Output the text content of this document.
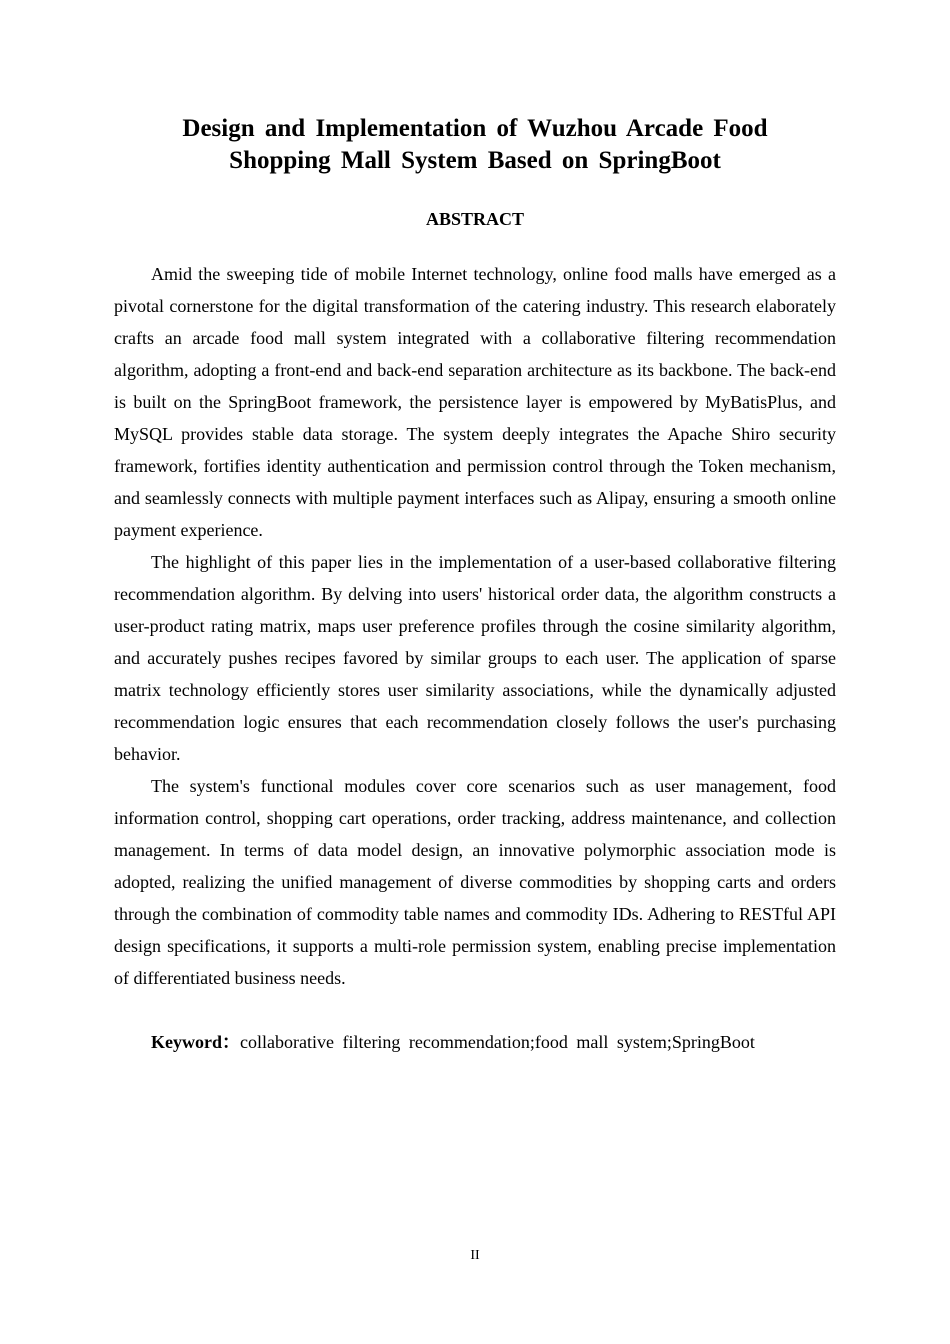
Design and Implementation of Wuzhou Arcade Food
Shopping Mall System Based on SpringBoot
ABSTRACT

Amid the sweeping tide of mobile Internet technology, online food malls have emerged as a pivotal cornerstone for the digital transformation of the catering industry. This research elaborately crafts an arcade food mall system integrated with a collaborative filtering recommendation algorithm, adopting a front-end and back-end separation architecture as its backbone. The back-end is built on the SpringBoot framework, the persistence layer is empowered by MyBatisPlus, and MySQL provides stable data storage. The system deeply integrates the Apache Shiro security framework, fortifies identity authentication and permission control through the Token mechanism, and seamlessly connects with multiple payment interfaces such as Alipay, ensuring a smooth online payment experience.

The highlight of this paper lies in the implementation of a user-based collaborative filtering recommendation algorithm. By delving into users' historical order data, the algorithm constructs a user-product rating matrix, maps user preference profiles through the cosine similarity algorithm, and accurately pushes recipes favored by similar groups to each user. The application of sparse matrix technology efficiently stores user similarity associations, while the dynamically adjusted recommendation logic ensures that each recommendation closely follows the user's purchasing behavior.

The system's functional modules cover core scenarios such as user management, food information control, shopping cart operations, order tracking, address maintenance, and collection management. In terms of data model design, an innovative polymorphic association mode is adopted, realizing the unified management of diverse commodities by shopping carts and orders through the combination of commodity table names and commodity IDs. Adhering to RESTful API design specifications, it supports a multi-role permission system, enabling precise implementation of differentiated business needs.

Keyword：collaborative filtering recommendation;food mall system;SpringBoot

II
